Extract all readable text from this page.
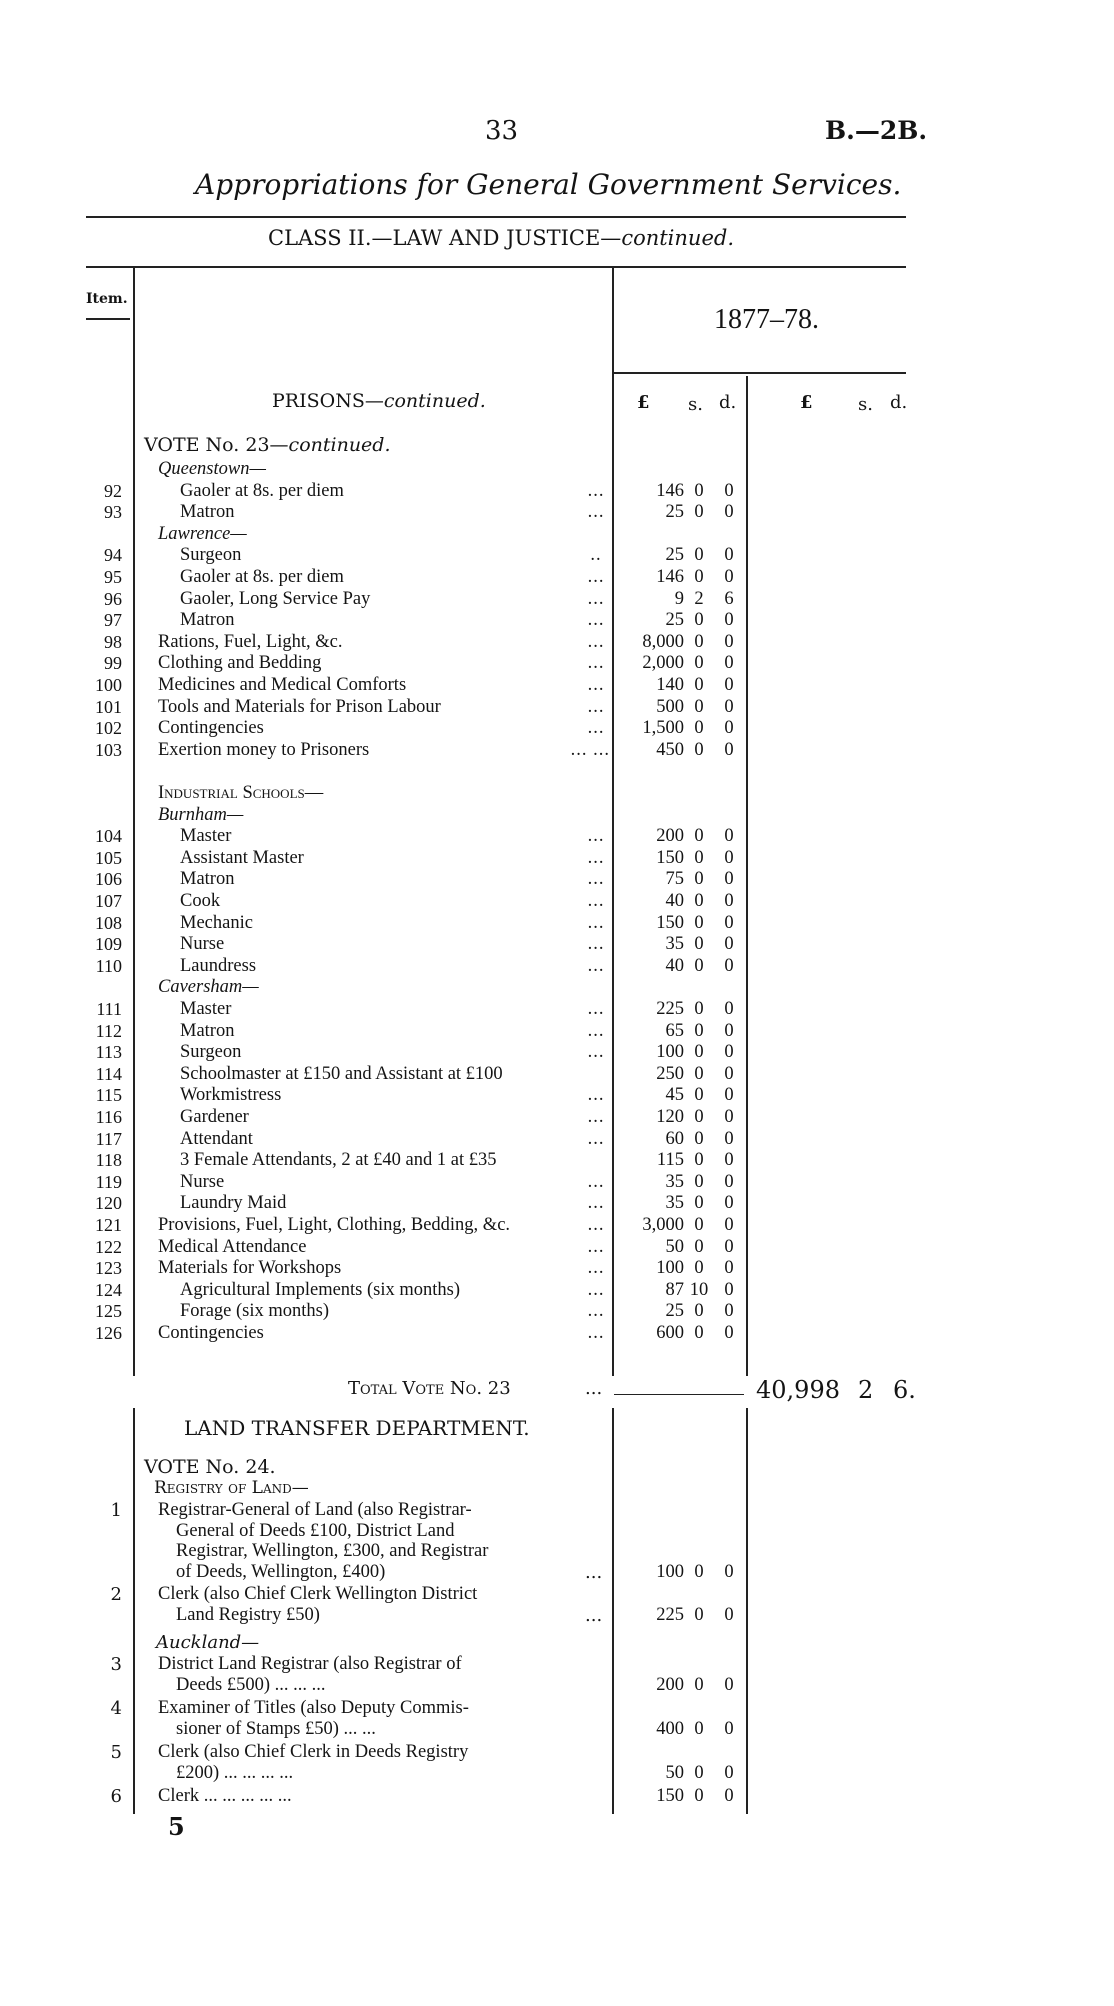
33	B.—2B.
Appropriations for General Government Services.
CLASS II.—LAW AND JUSTICE—continued.
Item.
1877–78.
PRISONS—continued.	£ s. d.	£	s. d.
VOTE No. 23—continued.
Queenstown—
92	Gaoler at 8s. per diem	...	146 0	0
93	Matron	...	25 0	0
Lawrence—
94	Surgeon	..	25 0	0
95	Gaoler at 8s. per diem	...	146 0	0
96	Gaoler, Long Service Pay	...	9 2	6
97	Matron	...	25 0	0
98 Rations, Fuel, Light, &c.	...	8,000 0	0
99 Clothing and Bedding	...	2,000 0	0
100 Medicines and Medical Comforts	...	140 0	0
101 Tools and Materials for Prison Labour	...	500 0	0
102 Contingencies	...	1,500 0	0
103 Exertion money to Prisoners	... ...	450 0	0
Industrial Schools—
Burnham—
104	Master	...	200 0	0
105	Assistant Master	...	150 0	0
106	Matron	...	75 0	0
107	Cook	...	40 0	0
108	Mechanic	...	150 0	0
109	Nurse	...	35 0	0
110	Laundress	...	40 0	0
Caversham—
111	Master	...	225 0	0
112	Matron	...	65 0	0
113	Surgeon	...	100 0	0
114	Schoolmaster at £150 and Assistant at £100	250 0	0
115	Workmistress	...	45 0	0
116	Gardener	...	120 0	0
117	Attendant	...	60 0	0
118	3 Female Attendants, 2 at £40 and 1 at £35	115 0	0
119	Nurse	...	35 0	0
120	Laundry Maid	...	35 0	0
121 Provisions, Fuel, Light, Clothing, Bedding, &c.	...	3,000 0	0
122 Medical Attendance	...	50 0	0
123 Materials for Workshops	...	100 0	0
124	Agricultural Implements (six months)	...	87 10 0
125	Forage (six months)	...	25 0	0
126 Contingencies	...	600 0	0
Total Vote No. 23	...	40,998 2 6.
LAND TRANSFER DEPARTMENT.
VOTE No. 24.
Registry of Land—
Auckland—
1 Registrar-General of Land (also Registrar-
General of Deeds £100, District Land
Registrar, Wellington, £300, and Registrar
of Deeds, Wellington, £400)	...	100 0	0
2 Clerk (also Chief Clerk Wellington District
Land Registry £50)	...	225 0	0
3 District Land Registrar (also Registrar of
Deeds £500) ... ... ...	200 0	0
4 Examiner of Titles (also Deputy Commis-
sioner of Stamps £50) ... ...	400 0	0
5 Clerk (also Chief Clerk in Deeds Registry
£200) ... ... ... ...	50 0	0
6 Clerk ... ... ... ... ...	150 0	0
5
